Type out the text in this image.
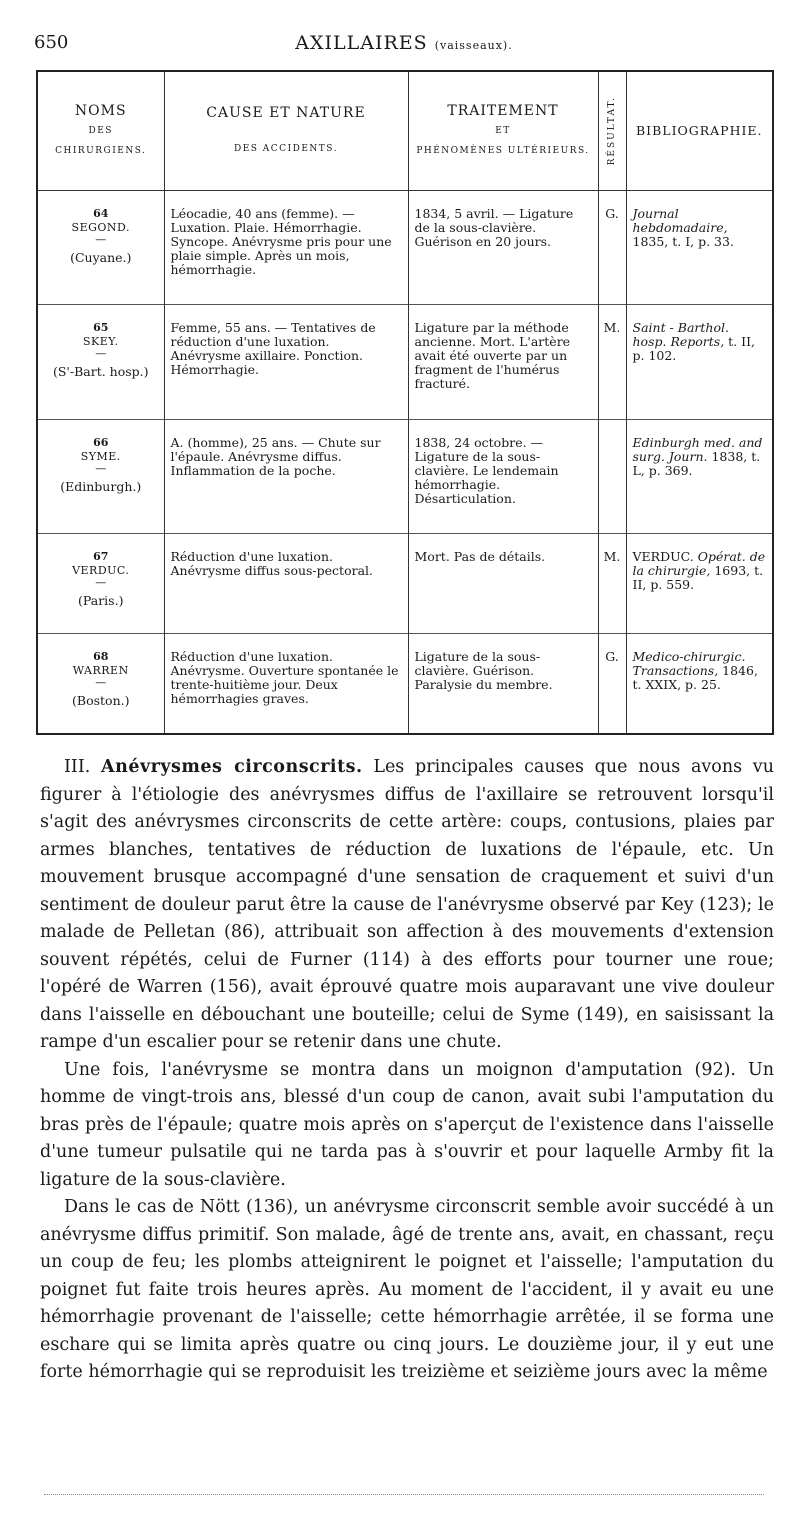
650	AXILLAIRES (vaisseaux).
NOMS
DES
CHIRURGIENS.	CAUSE ET NATURE
DES ACCIDENTS.	TRAITEMENT
ET
PHÉNOMÈNES ULTÉRIEURS.	RÉSULTAT.	BIBLIOGRAPHIE.

64
SEGOND.
—
(Cuyane.)	Léocadie, 40 ans (femme). — Luxation. Plaie. Hémorrhagie. Syncope. Anévrysme pris pour une plaie simple. Après un mois, hémorrhagie.	1834, 5 avril. — Ligature de la sous-clavière. Guérison en 20 jours.	G.	Journal hebdomadaire, 1835, t. I, p. 33.

65
SKEY.
—
(S'-Bart. hosp.)	Femme, 55 ans. — Tentatives de réduction d'une luxation. Anévrysme axillaire. Ponction. Hémorrhagie.	Ligature par la méthode ancienne. Mort. L'artère avait été ouverte par un fragment de l'humérus fracturé.	M.	Saint - Barthol. hosp. Reports, t. II, p. 102.

66
SYME.
—
(Edinburgh.)	A. (homme), 25 ans. — Chute sur l'épaule. Anévrysme diffus. Inflammation de la poche.	1838, 24 octobre. — Ligature de la sous-clavière. Le lendemain hémorrhagie. Désarticulation.		Edinburgh med. and surg. Journ. 1838, t. L, p. 369.

67
VERDUC.
—
(Paris.)	Réduction d'une luxation. Anévrysme diffus sous-pectoral.	Mort. Pas de détails.	M.	VERDUC. Opérat. de la chirurgie, 1693, t. II, p. 559.

68
WARREN
—
(Boston.)	Réduction d'une luxation. Anévrysme. Ouverture spontanée le trente-huitième jour. Deux hémorrhagies graves.	Ligature de la sous-clavière. Guérison. Paralysie du membre.	G.	Medico-chirurgic. Transactions, 1846, t. XXIX, p. 25.

III. Anévrysmes circonscrits. Les principales causes que nous avons vu figurer à l'étiologie des anévrysmes diffus de l'axillaire se retrouvent lorsqu'il s'agit des anévrysmes circonscrits de cette artère: coups, contusions, plaies par armes blanches, tentatives de réduction de luxations de l'épaule, etc. Un mouvement brusque accompagné d'une sensation de craquement et suivi d'un sentiment de douleur parut être la cause de l'anévrysme observé par Key (123); le malade de Pelletan (86), attribuait son affection à des mouvements d'extension souvent répétés, celui de Furner (114) à des efforts pour tourner une roue; l'opéré de Warren (156), avait éprouvé quatre mois auparavant une vive douleur dans l'aisselle en débouchant une bouteille; celui de Syme (149), en saisissant la rampe d'un escalier pour se retenir dans une chute.

Une fois, l'anévrysme se montra dans un moignon d'amputation (92). Un homme de vingt-trois ans, blessé d'un coup de canon, avait subi l'amputation du bras près de l'épaule; quatre mois après on s'aperçut de l'existence dans l'aisselle d'une tumeur pulsatile qui ne tarda pas à s'ouvrir et pour laquelle Armby fit la ligature de la sous-clavière.

Dans le cas de Nött (136), un anévrysme circonscrit semble avoir succédé à un anévrysme diffus primitif. Son malade, âgé de trente ans, avait, en chassant, reçu un coup de feu; les plombs atteignirent le poignet et l'aisselle; l'amputation du poignet fut faite trois heures après. Au moment de l'accident, il y avait eu une hémorrhagie provenant de l'aisselle; cette hémorrhagie arrêtée, il se forma une eschare qui se limita après quatre ou cinq jours. Le douzième jour, il y eut une forte hémorrhagie qui se reproduisit les treizième et seizième jours avec la même
